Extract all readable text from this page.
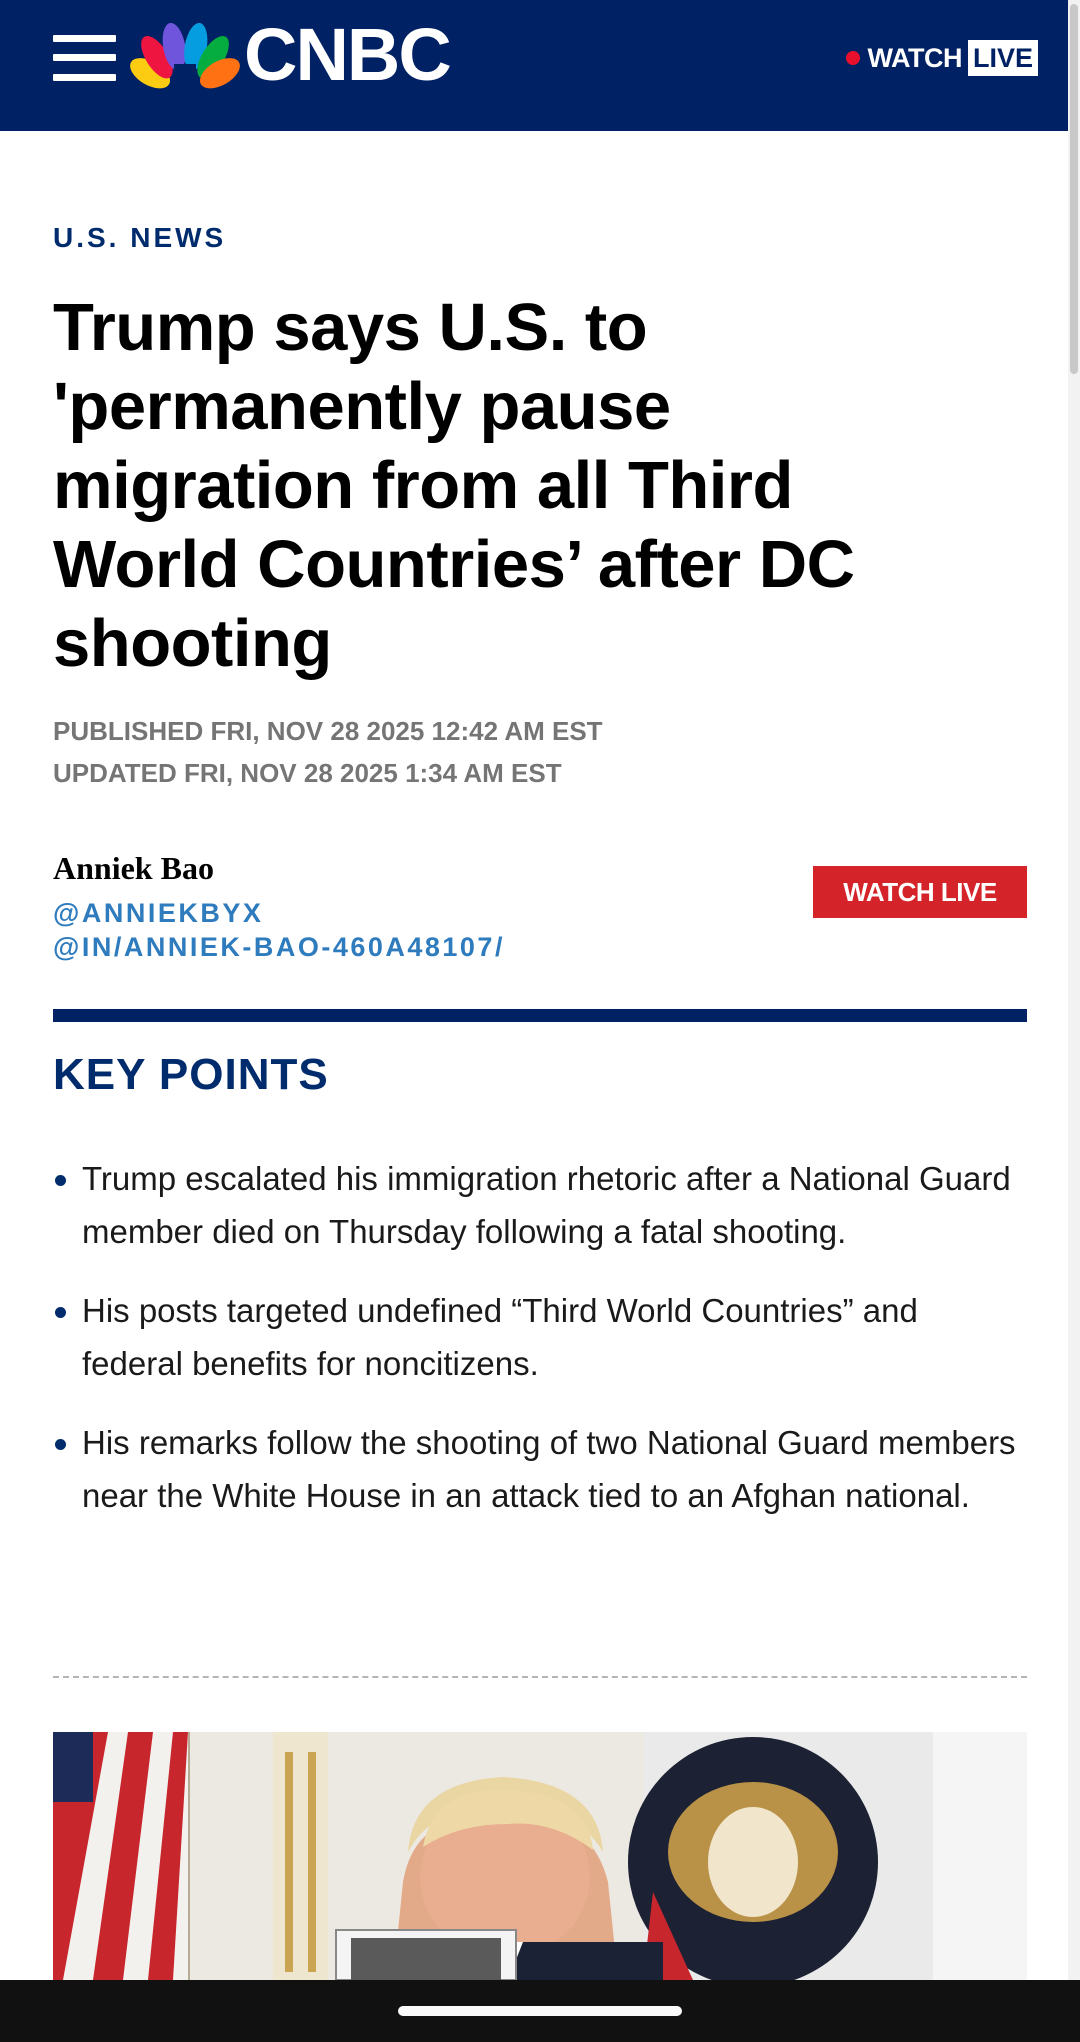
CNBC	WATCH LIVE
U.S. NEWS
Trump says U.S. to 'permanently pause migration from all Third World Countries’ after DC shooting
PUBLISHED FRI, NOV 28 2025 12:42 AM EST
UPDATED FRI, NOV 28 2025 1:34 AM EST
Anniek Bao
@ANNIEKBYX
@IN/ANNIEK-BAO-460A48107/
WATCH LIVE
KEY POINTS
Trump escalated his immigration rhetoric after a National Guard member died on Thursday following a fatal shooting.
His posts targeted undefined “Third World Countries” and federal benefits for noncitizens.
His remarks follow the shooting of two National Guard members near the White House in an attack tied to an Afghan national.
